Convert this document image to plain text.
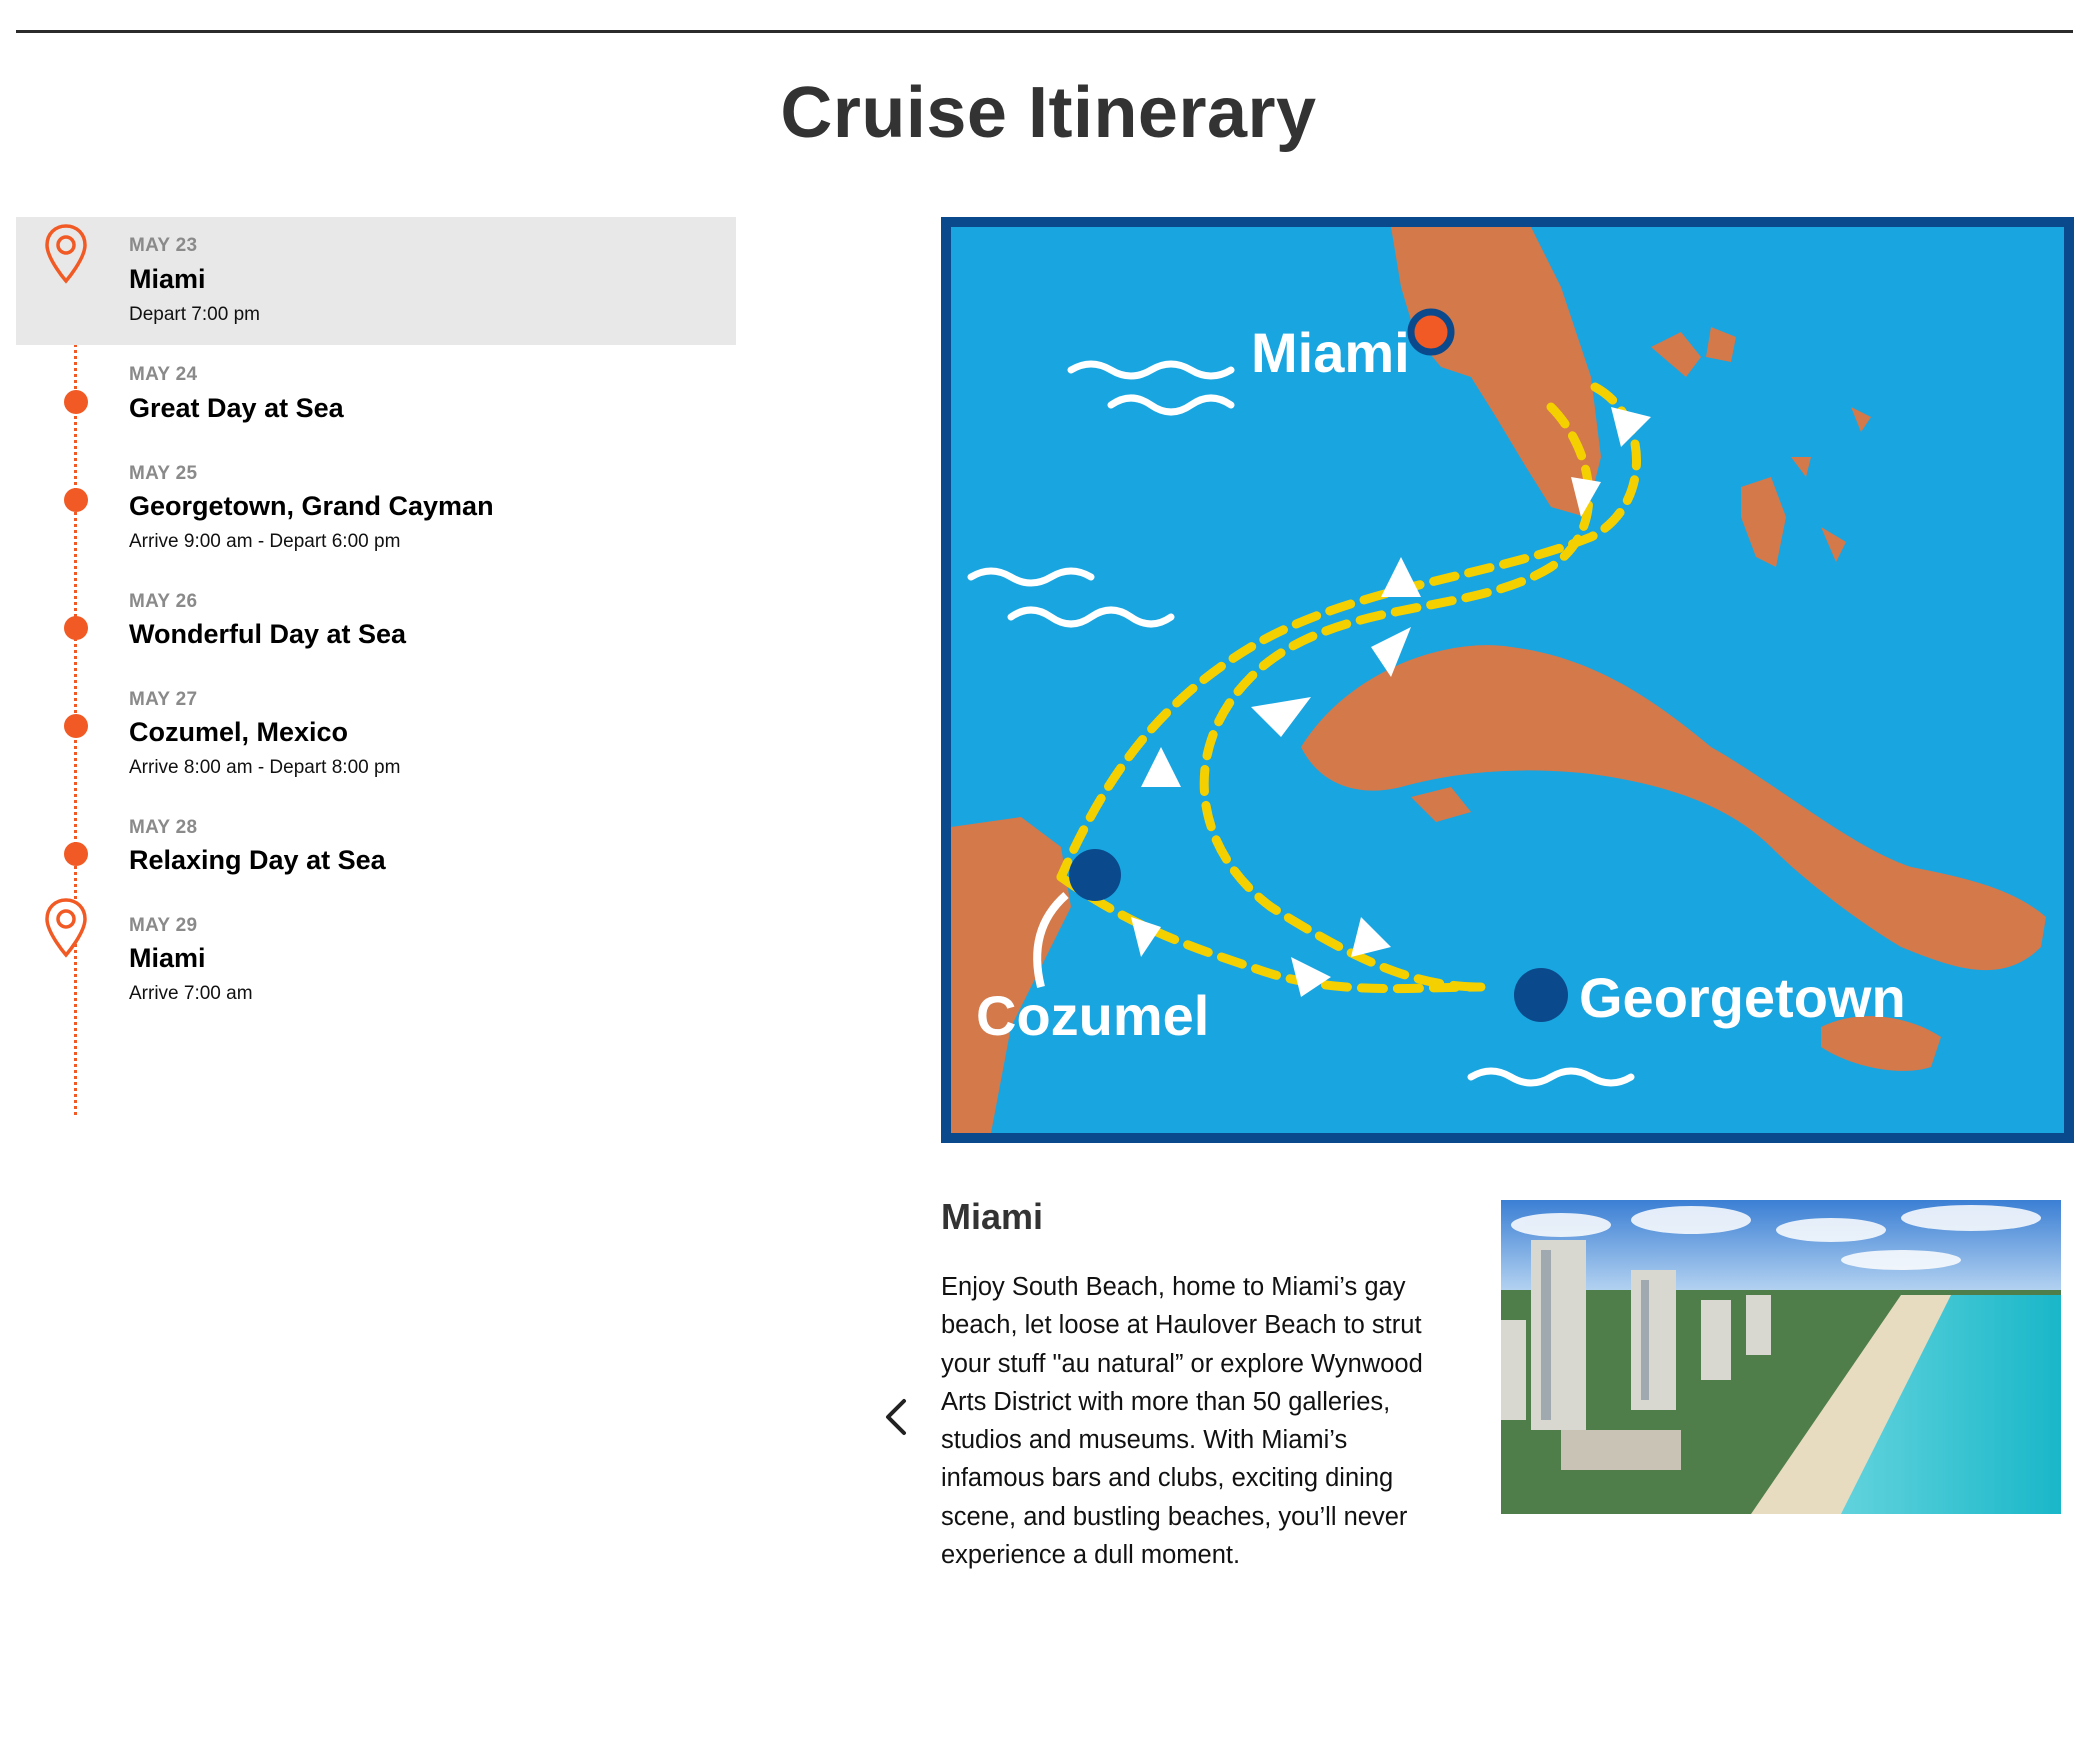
Cruise Itinerary
MAY 23
Miami
Depart 7:00 pm
MAY 24
Great Day at Sea
MAY 25
Georgetown, Grand Cayman
Arrive 9:00 am - Depart 6:00 pm
MAY 26
Wonderful Day at Sea
MAY 27
Cozumel, Mexico
Arrive 8:00 am - Depart 8:00 pm
MAY 28
Relaxing Day at Sea
MAY 29
Miami
Arrive 7:00 am
Miami
Georgetown
Cozumel
Miami

Enjoy South Beach, home to Miami’s gay beach, let loose at Haulover Beach to strut your stuff "au natural” or explore Wynwood Arts District with more than 50 galleries, studios and museums. With Miami’s infamous bars and clubs, exciting dining scene, and bustling beaches, you’ll never experience a dull moment.
